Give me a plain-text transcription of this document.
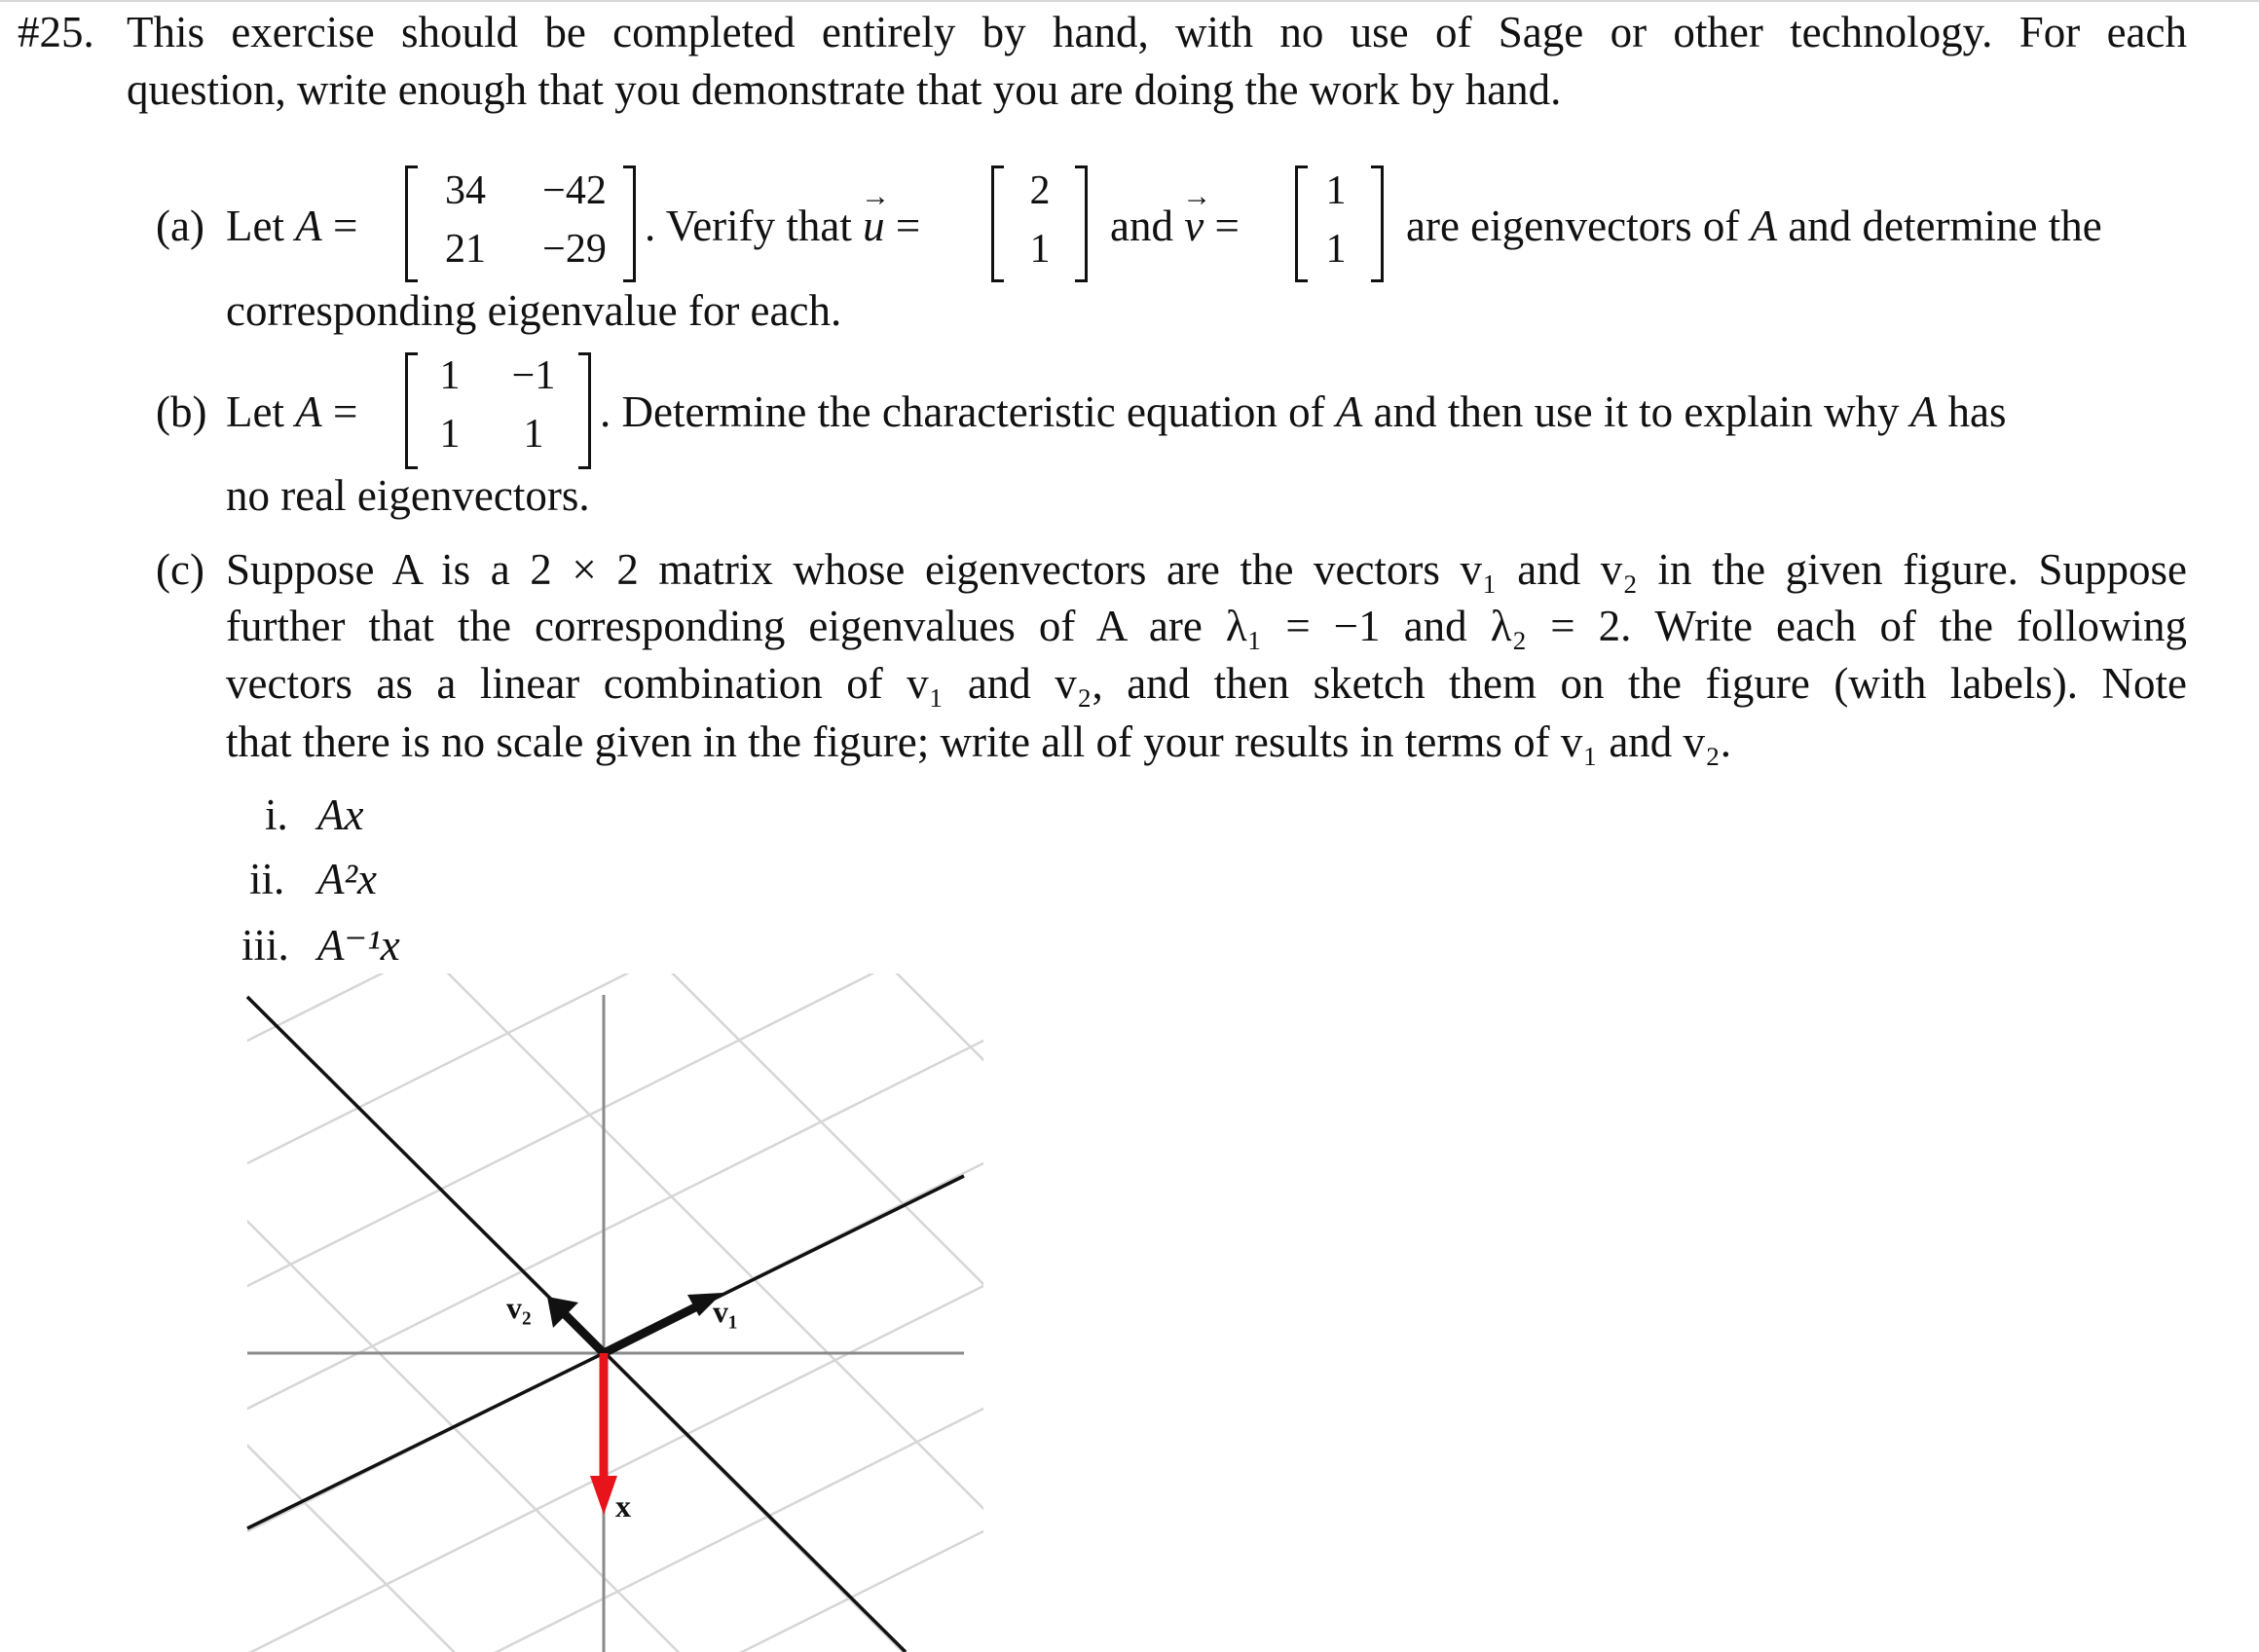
#25. This exercise should be completed entirely by hand, with no use of Sage or other technology. For each
question, write enough that you demonstrate that you are doing the work by hand.
(a) Let A =
34	−42
21	−29 . Verify that → u =
2
1 and → v =
1
1 are eigenvectors of A and determine the
corresponding eigenvalue for each.
(b) Let A =
1	−1
1	1	. Determine the characteristic equation of A and then use it to explain why A has
no real eigenvectors.
(c) Suppose A is a 2 × 2 matrix whose eigenvectors are the vectors v₁ and v₂ in the given figure. Suppose
further that the corresponding eigenvalues of A are λ₁ = −1 and λ₂ = 2. Write each of the following
vectors as a linear combination of v₁ and v₂, and then sketch them on the figure (with labels). Note
that there is no scale given in the figure; write all of your results in terms of v₁ and v₂.
i. Ax
ii. A²x
iii. A⁻¹x
v₂	v₁
x
